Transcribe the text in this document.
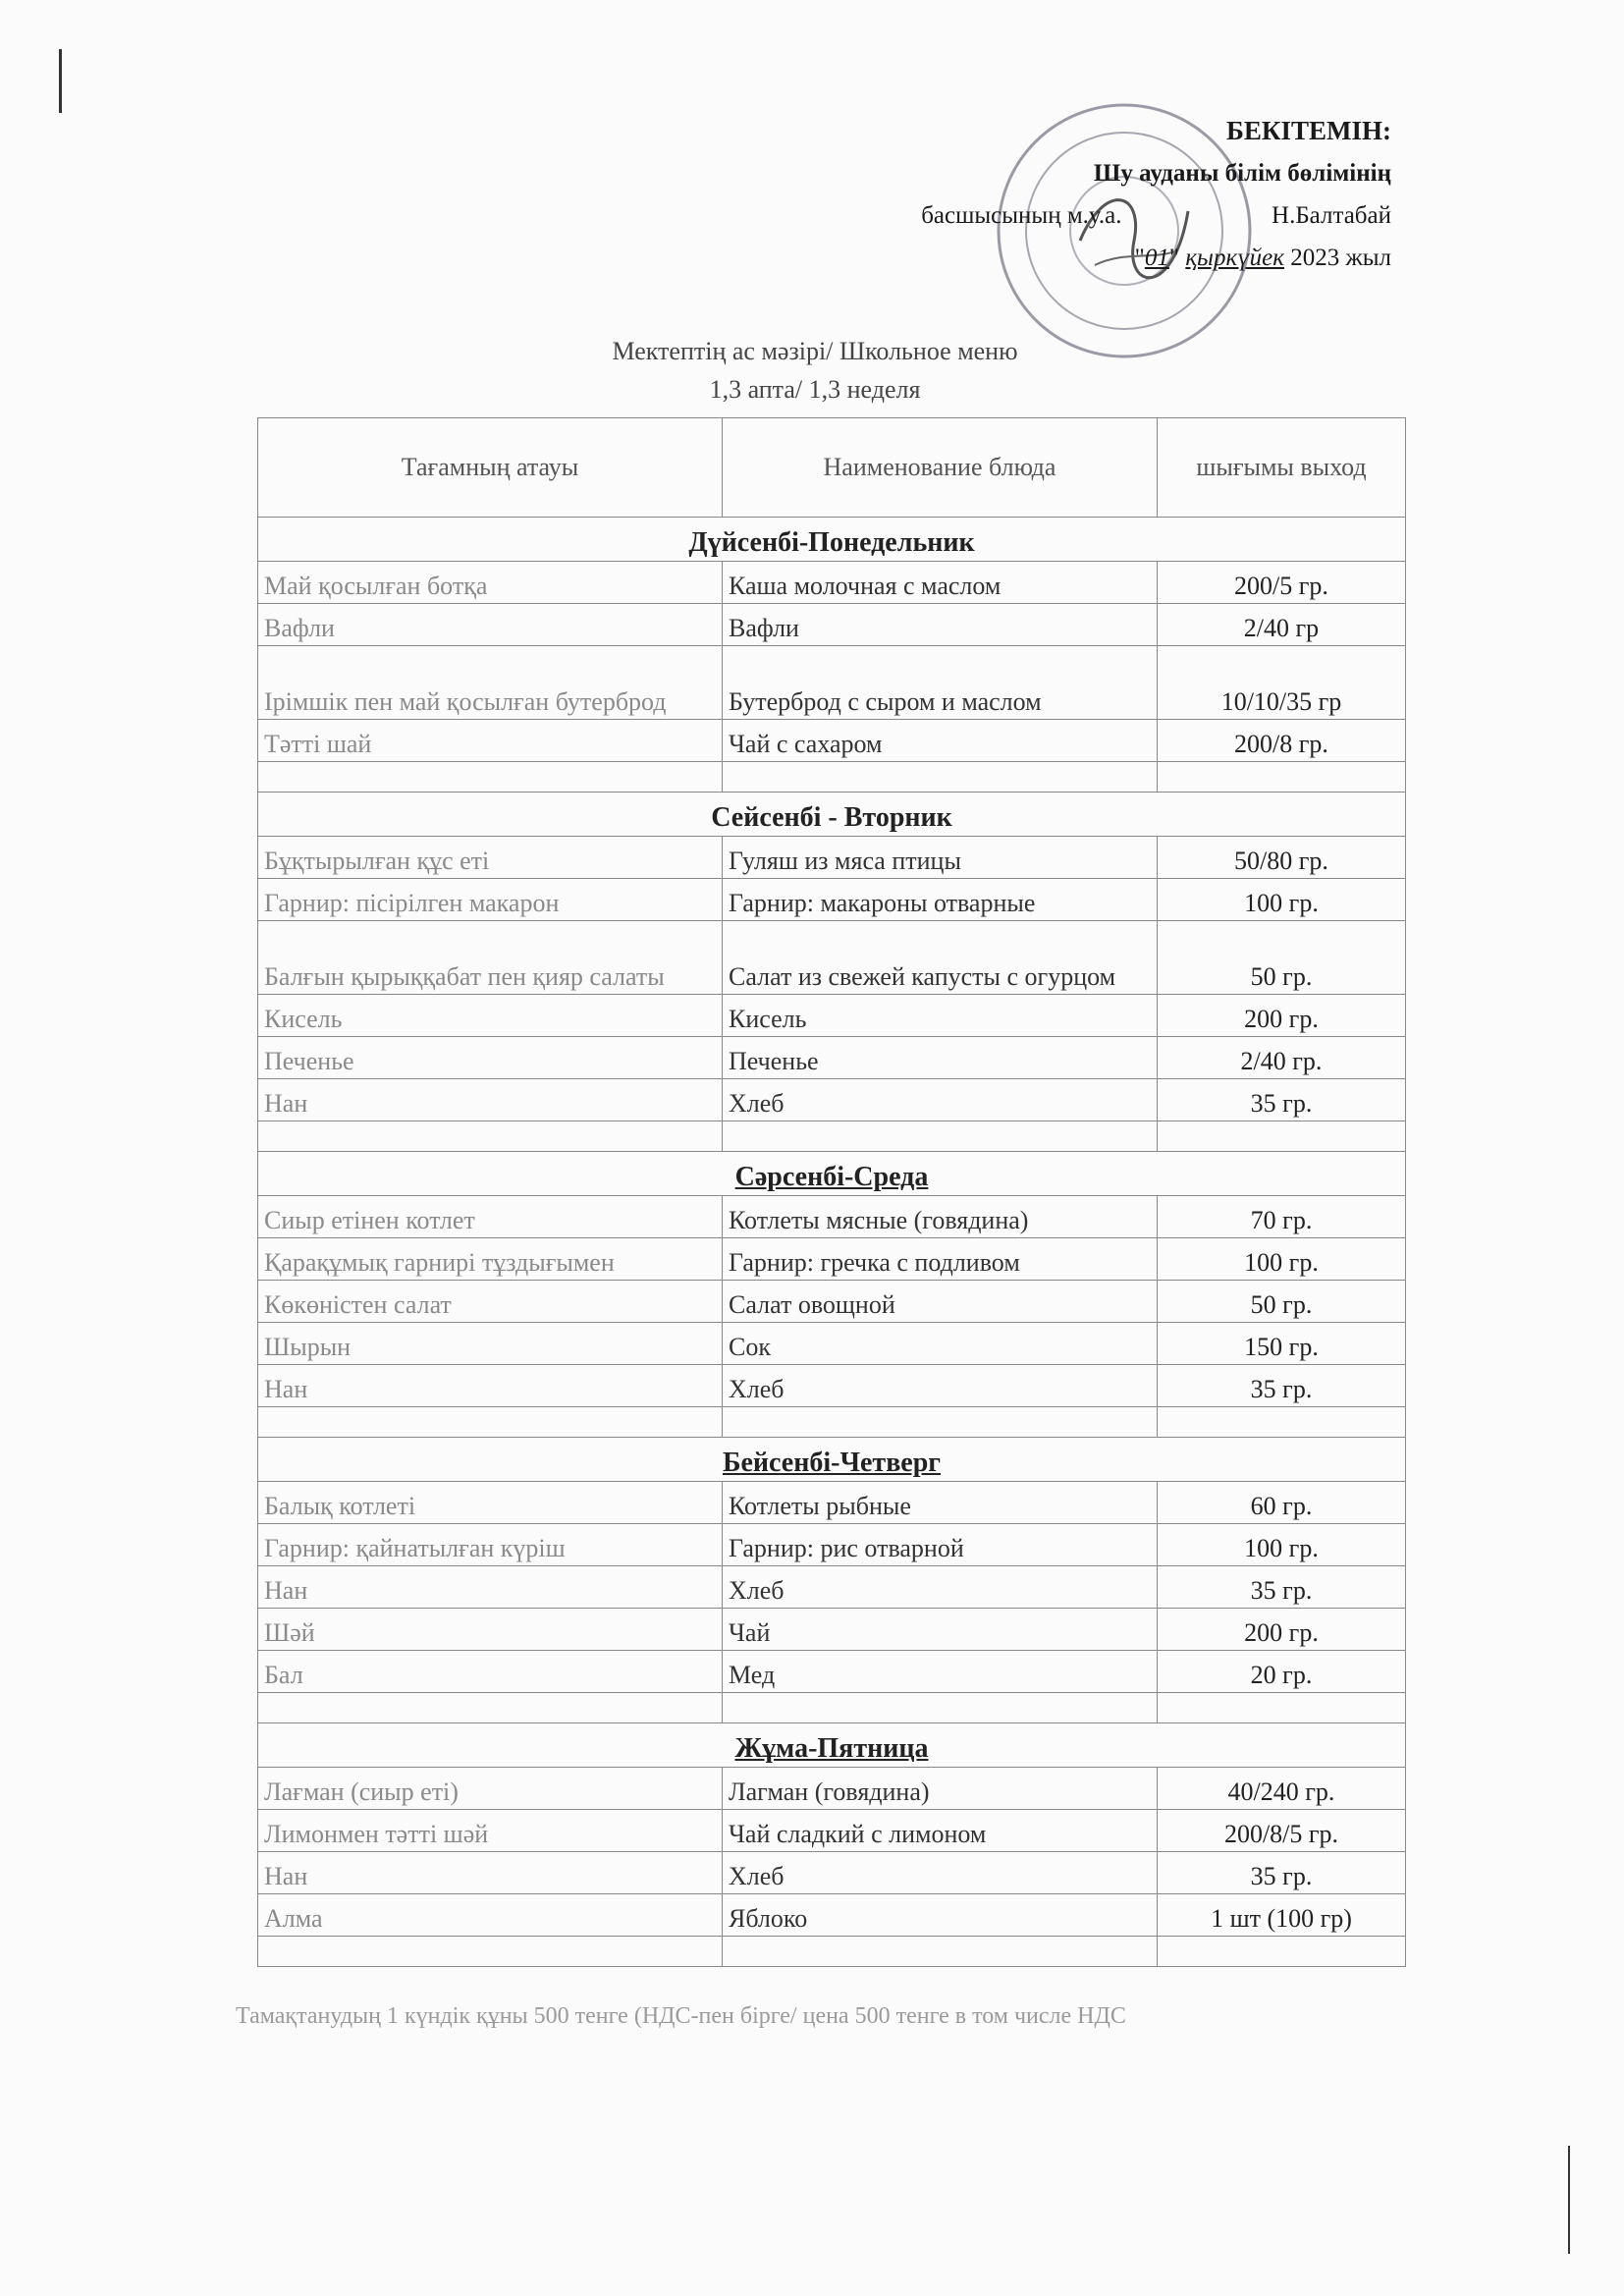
БЕКІТЕМІН:
Шу ауданы білім бөлімінің
басшысының м.у.а.	Н.Балтабай
"01" қыркүйек 2023 жыл
Мектептің ас мәзірі/ Школьное меню
1,3 апта/ 1,3 неделя
Тағамның атауы	Наименование блюда	шығымы выход
Дүйсенбі-Понедельник		
Май қосылған ботқа	Каша молочная с маслом	200/5 гр.
Вафли	Вафли	2/40 гр
Ірімшік пен май қосылған бутерброд	Бутерброд с сыром и маслом	10/10/35 гр
Тәтті шай	Чай с сахаром	200/8 гр.

Сейсенбі - Вторник		
Бұқтырылған құс еті	Гуляш из мяса птицы	50/80 гр.
Гарнир: пісірілген макарон	Гарнир: макароны отварные	100 гр.
Балғын қырыққабат пен қияр салаты	Салат из свежей капусты с огурцом	50 гр.
Кисель	Кисель	200 гр.
Печенье	Печенье	2/40 гр.
Нан	Хлеб	35 гр.

Сәрсенбі-Среда		
Сиыр етінен котлет	Котлеты мясные (говядина)	70 гр.
Қарақұмық гарнирі тұздығымен	Гарнир: гречка с подливом	100 гр.
Көкөністен салат	Салат овощной	50 гр.
Шырын	Сок	150 гр.
Нан	Хлеб	35 гр.

Бейсенбі-Четверг		
Балық котлеті	Котлеты рыбные	60 гр.
Гарнир: қайнатылған күріш	Гарнир: рис отварной	100 гр.
Нан	Хлеб	35 гр.
Шәй	Чай	200 гр.
Бал	Мед	20 гр.

Жұма-Пятница		
Лағман (сиыр еті)	Лагман (говядина)	40/240 гр.
Лимонмен тәтті шәй	Чай сладкий с лимоном	200/8/5 гр.
Нан	Хлеб	35 гр.
Алма	Яблоко	1 шт (100 гр)

Тамақтанудың 1 күндік құны 500 тенге (НДС-пен бірге/ цена 500 тенге в том числе НДС
